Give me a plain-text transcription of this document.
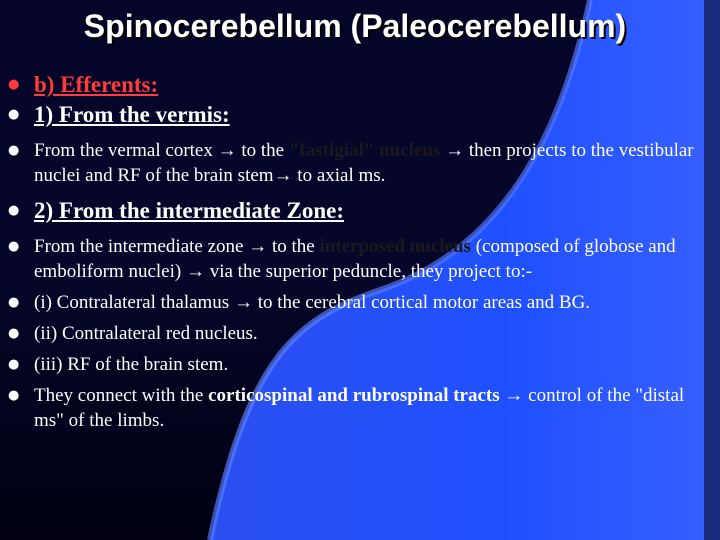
Spinocerebellum (Paleocerebellum)
● b) Efferents:
● 1) From the vermis:
● From the vermal cortex → to the "fastigial" nucleus → then projects to the vestibular nuclei and RF of the brain stem→ to axial ms.
● 2) From the intermediate Zone:
● From the intermediate zone → to the interposed nucleus (composed of globose and emboliform nuclei) → via the superior peduncle, they project to:-
● (i) Contralateral thalamus → to the cerebral cortical motor areas and BG.
● (ii) Contralateral red nucleus.
● (iii) RF of the brain stem.
● They connect with the corticospinal and rubrospinal tracts → control of the "distal ms" of the limbs.
